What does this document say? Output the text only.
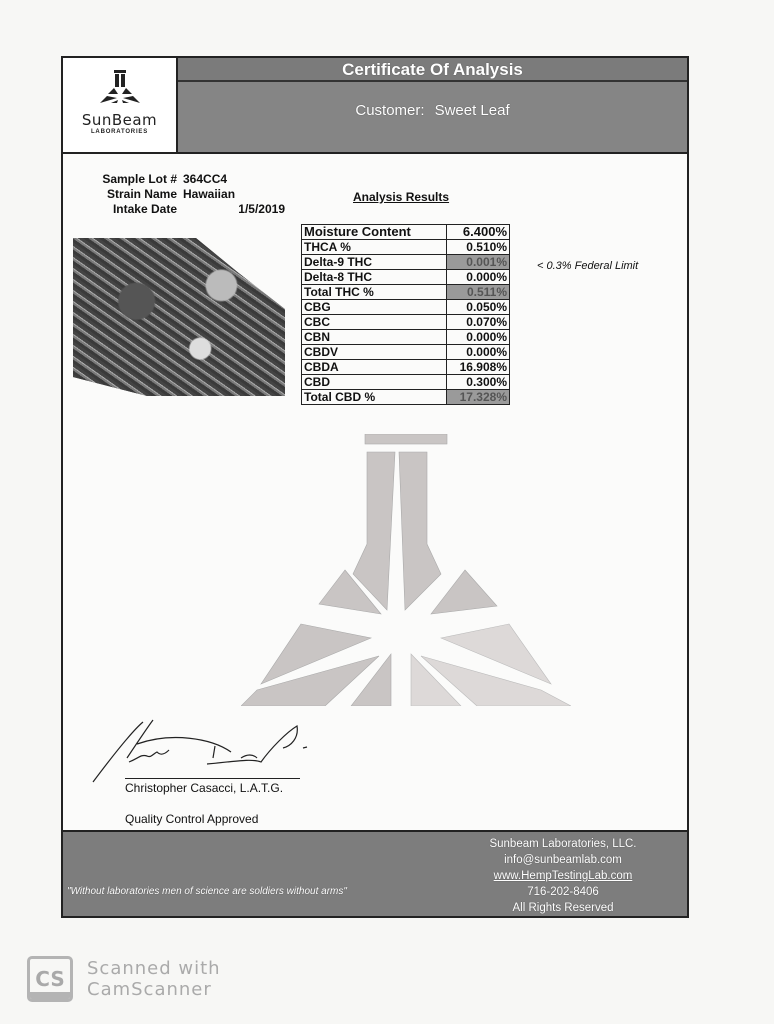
SunBeam
LABORATORIES
Certificate Of Analysis
Customer: Sweet Leaf
Sample Lot # 364CC4
Strain Name Hawaiian
Intake Date	1/5/2019
Analysis Results
Moisture Content	6.400%
THCA %	0.510%
Delta-9 THC	0.001%
Delta-8 THC	0.000%
Total THC %	0.511%
CBG	0.050%
CBC	0.070%
CBN	0.000%
CBDV	0.000%
CBDA	16.908%
CBD	0.300%
Total CBD %	17.328%
< 0.3% Federal Limit
Christopher Casacci, L.A.T.G.
Quality Control Approved
"Without laboratories men of science are soldiers without arms"
Sunbeam Laboratories, LLC.
info@sunbeamlab.com
www.HempTestingLab.com
716-202-8406
All Rights Reserved
CS	Scanned with
CamScanner
